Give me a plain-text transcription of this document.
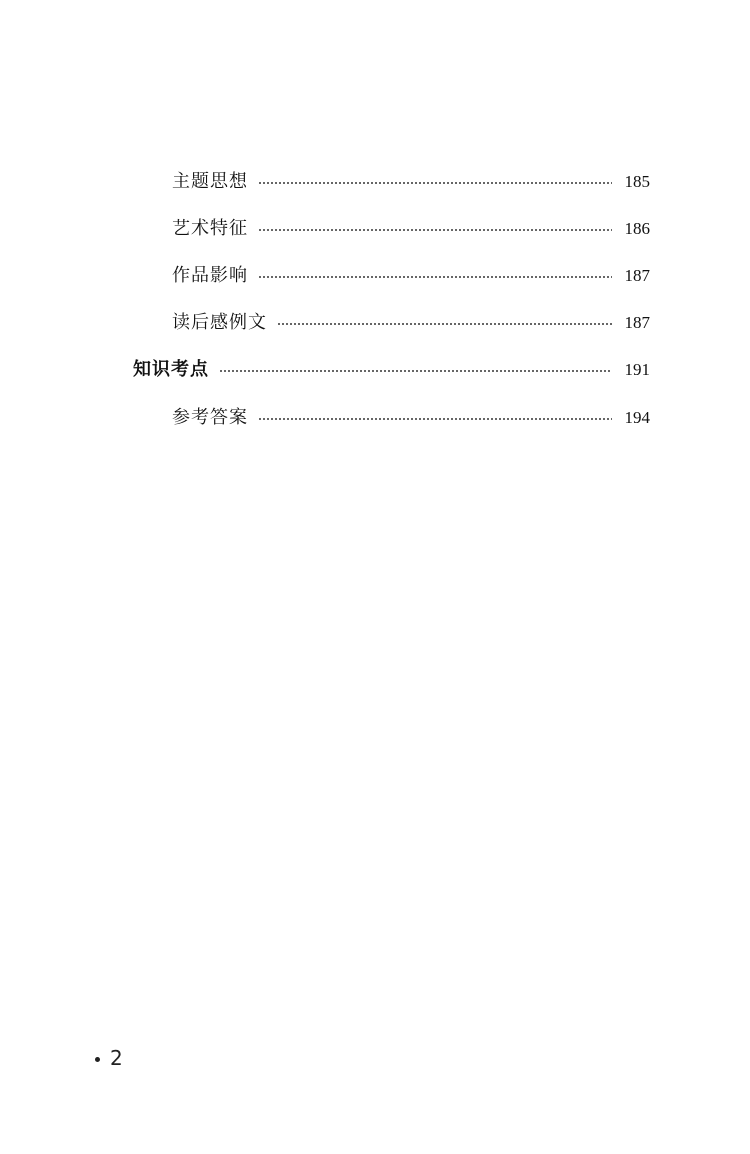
主题思想	185
艺术特征	186
作品影响	187
读后感例文	187
知识考点	191
参考答案	194
2
